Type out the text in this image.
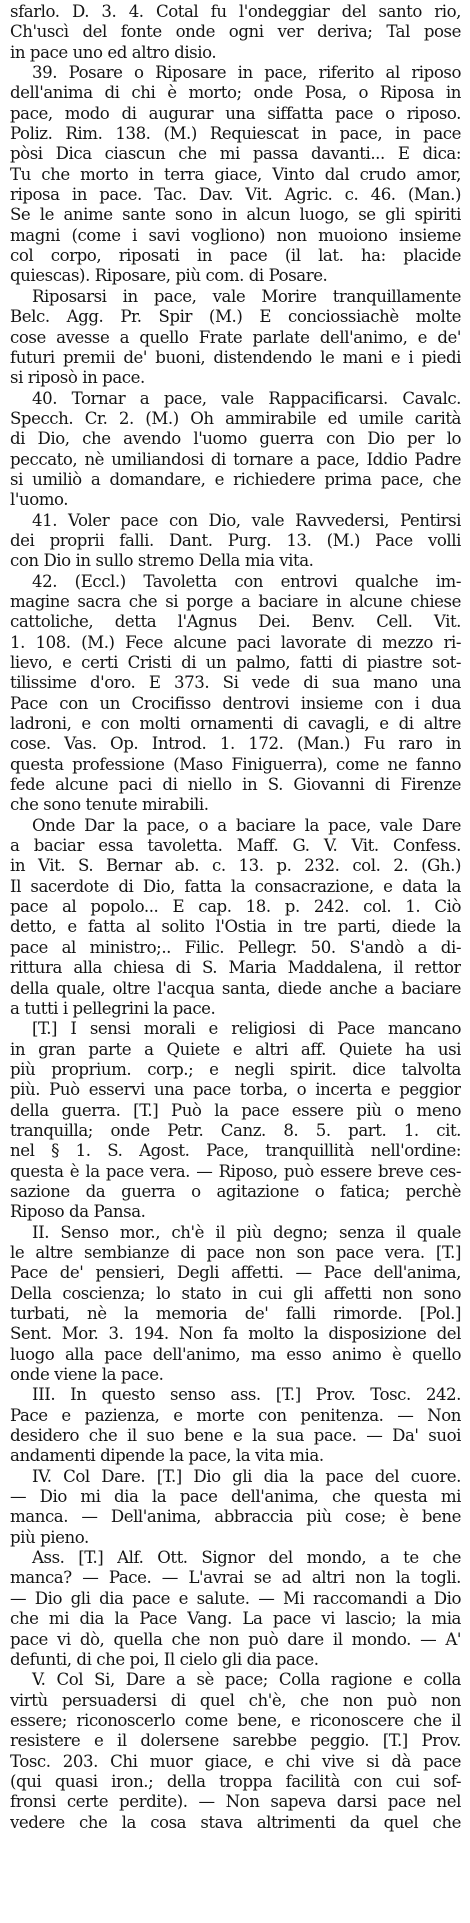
sfarlo. D. 3. 4. Cotal fu l'ondeggiar del santo rio,
Ch'uscì del fonte onde ogni ver deriva; Tal pose
in pace uno ed altro disio.
39. Posare o Riposare in pace, riferito al riposo
dell'anima di chi è morto; onde Posa, o Riposa in
pace, modo di augurar una siffatta pace o riposo.
Poliz. Rim. 138. (M.) Requiescat in pace, in pace
pòsi Dica ciascun che mi passa davanti... E dica:
Tu che morto in terra giace, Vinto dal crudo amor,
riposa in pace. Tac. Dav. Vit. Agric. c. 46. (Man.)
Se le anime sante sono in alcun luogo, se gli spiriti
magni (come i savi vogliono) non muoiono insieme
col corpo, riposati in pace (il lat. ha: placide
quiescas). Riposare, più com. di Posare.
Riposarsi in pace, vale Morire tranquillamente
Belc. Agg. Pr. Spir (M.) E conciossiachè molte
cose avesse a quello Frate parlate dell'animo, e de'
futuri premii de' buoni, distendendo le mani e i piedi
si riposò in pace.
40. Tornar a pace, vale Rappacificarsi. Cavalc.
Specch. Cr. 2. (M.) Oh ammirabile ed umile carità
di Dio, che avendo l'uomo guerra con Dio per lo
peccato, nè umiliandosi di tornare a pace, Iddio Padre
si umiliò a domandare, e richiedere prima pace, che
l'uomo.
41. Voler pace con Dio, vale Ravvedersi, Pentirsi
dei proprii falli. Dant. Purg. 13. (M.) Pace volli
con Dio in sullo stremo Della mia vita.
42. (Eccl.) Tavoletta con entrovi qualche im-
magine sacra che si porge a baciare in alcune chiese
cattoliche, detta l'Agnus Dei. Benv. Cell. Vit.
1. 108. (M.) Fece alcune paci lavorate di mezzo ri-
lievo, e certi Cristi di un palmo, fatti di piastre sot-
tilissime d'oro. E 373. Si vede di sua mano una
Pace con un Crocifisso dentrovi insieme con i dua
ladroni, e con molti ornamenti di cavagli, e di altre
cose. Vas. Op. Introd. 1. 172. (Man.) Fu raro in
questa professione (Maso Finiguerra), come ne fanno
fede alcune paci di niello in S. Giovanni di Firenze
che sono tenute mirabili.
Onde Dar la pace, o a baciare la pace, vale Dare
a baciar essa tavoletta. Maff. G. V. Vit. Confess.
in Vit. S. Bernar ab. c. 13. p. 232. col. 2. (Gh.)
Il sacerdote di Dio, fatta la consacrazione, e data la
pace al popolo... E cap. 18. p. 242. col. 1. Ciò
detto, e fatta al solito l'Ostia in tre parti, diede la
pace al ministro;.. Filic. Pellegr. 50. S'andò a di-
rittura alla chiesa di S. Maria Maddalena, il rettor
della quale, oltre l'acqua santa, diede anche a baciare
a tutti i pellegrini la pace.
[T.] I sensi morali e religiosi di Pace mancano
in gran parte a Quiete e altri aff. Quiete ha usi
più proprium. corp.; e negli spirit. dice talvolta
più. Può esservi una pace torba, o incerta e peggior
della guerra. [T.] Può la pace essere più o meno
tranquilla; onde Petr. Canz. 8. 5. part. 1. cit.
nel § 1. S. Agost. Pace, tranquillità nell'ordine:
questa è la pace vera. — Riposo, può essere breve ces-
sazione da guerra o agitazione o fatica; perchè
Riposo da Pansa.
II. Senso mor., ch'è il più degno; senza il quale
le altre sembianze di pace non son pace vera. [T.]
Pace de' pensieri, Degli affetti. — Pace dell'anima,
Della coscienza; lo stato in cui gli affetti non sono
turbati, nè la memoria de' falli rimorde. [Pol.]
Sent. Mor. 3. 194. Non fa molto la disposizione del
luogo alla pace dell'animo, ma esso animo è quello
onde viene la pace.
III. In questo senso ass. [T.] Prov. Tosc. 242.
Pace e pazienza, e morte con penitenza. — Non
desidero che il suo bene e la sua pace. — Da' suoi
andamenti dipende la pace, la vita mia.
IV. Col Dare. [T.] Dio gli dia la pace del cuore.
— Dio mi dia la pace dell'anima, che questa mi
manca. — Dell'anima, abbraccia più cose; è bene
più pieno.
Ass. [T.] Alf. Ott. Signor del mondo, a te che
manca? — Pace. — L'avrai se ad altri non la togli.
— Dio gli dia pace e salute. — Mi raccomandi a Dio
che mi dia la Pace Vang. La pace vi lascio; la mia
pace vi dò, quella che non può dare il mondo. — A'
defunti, di che poi, Il cielo gli dia pace.
V. Col Si, Dare a sè pace; Colla ragione e colla
virtù persuadersi di quel ch'è, che non può non
essere; riconoscerlo come bene, e riconoscere che il
resistere e il dolersene sarebbe peggio. [T.] Prov.
Tosc. 203. Chi muor giace, e chi vive si dà pace
(qui quasi iron.; della troppa facilità con cui sof-
fronsi certe perdite). — Non sapeva darsi pace nel
vedere che la cosa stava altrimenti da quel che
